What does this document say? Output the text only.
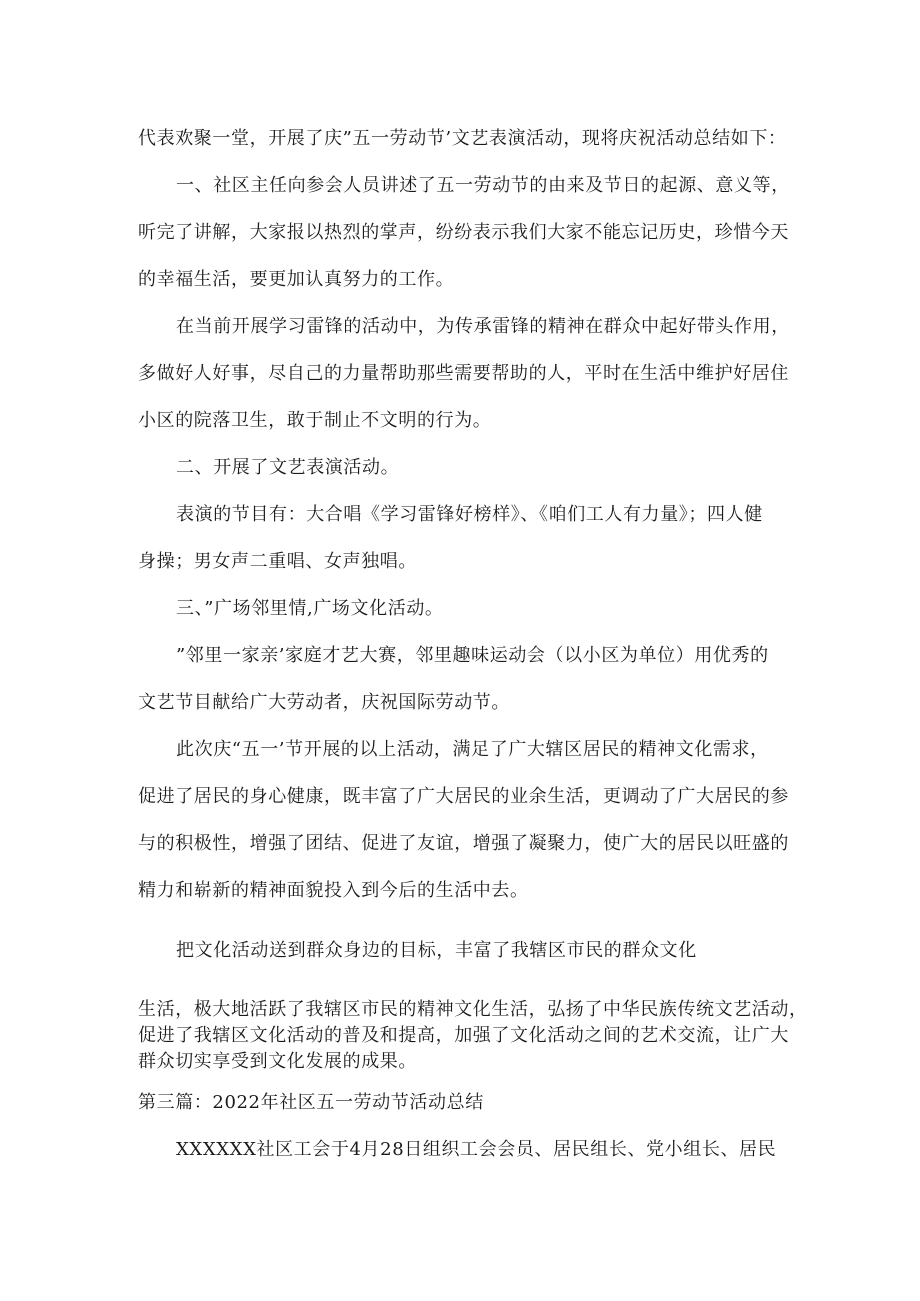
代表欢聚一堂，开展了庆”五一劳动节’文艺表演活动，现将庆祝活动总结如下：
一、社区主任向参会人员讲述了五一劳动节的由来及节日的起源、意义等，
听完了讲解，大家报以热烈的掌声，纷纷表示我们大家不能忘记历史，珍惜今天
的幸福生活，要更加认真努力的工作。
在当前开展学习雷锋的活动中，为传承雷锋的精神在群众中起好带头作用，
多做好人好事，尽自己的力量帮助那些需要帮助的人，平时在生活中维护好居住
小区的院落卫生，敢于制止不文明的行为。
二、开展了文艺表演活动。
表演的节目有：大合唱《学习雷锋好榜样》、《咱们工人有力量》；四人健
身操；男女声二重唱、女声独唱。
三、”广场邻里情,广场文化活动。
”邻里一家亲’家庭才艺大赛，邻里趣味运动会（以小区为单位）用优秀的
文艺节目献给广大劳动者，庆祝国际劳动节。
此次庆“五一’节开展的以上活动，满足了广大辖区居民的精神文化需求，
促进了居民的身心健康，既丰富了广大居民的业余生活，更调动了广大居民的参
与的积极性，增强了团结、促进了友谊，增强了凝聚力，使广大的居民以旺盛的
精力和崭新的精神面貌投入到今后的生活中去。
把文化活动送到群众身边的目标，丰富了我辖区市民的群众文化
生活，极大地活跃了我辖区市民的精神文化生活，弘扬了中华民族传统文艺活动，
促进了我辖区文化活动的普及和提高，加强了文化活动之间的艺术交流，让广大
群众切实享受到文化发展的成果。
第三篇：2022年社区五一劳动节活动总结
XXXXXX社区工会于4月28日组织工会会员、居民组长、党小组长、居民
